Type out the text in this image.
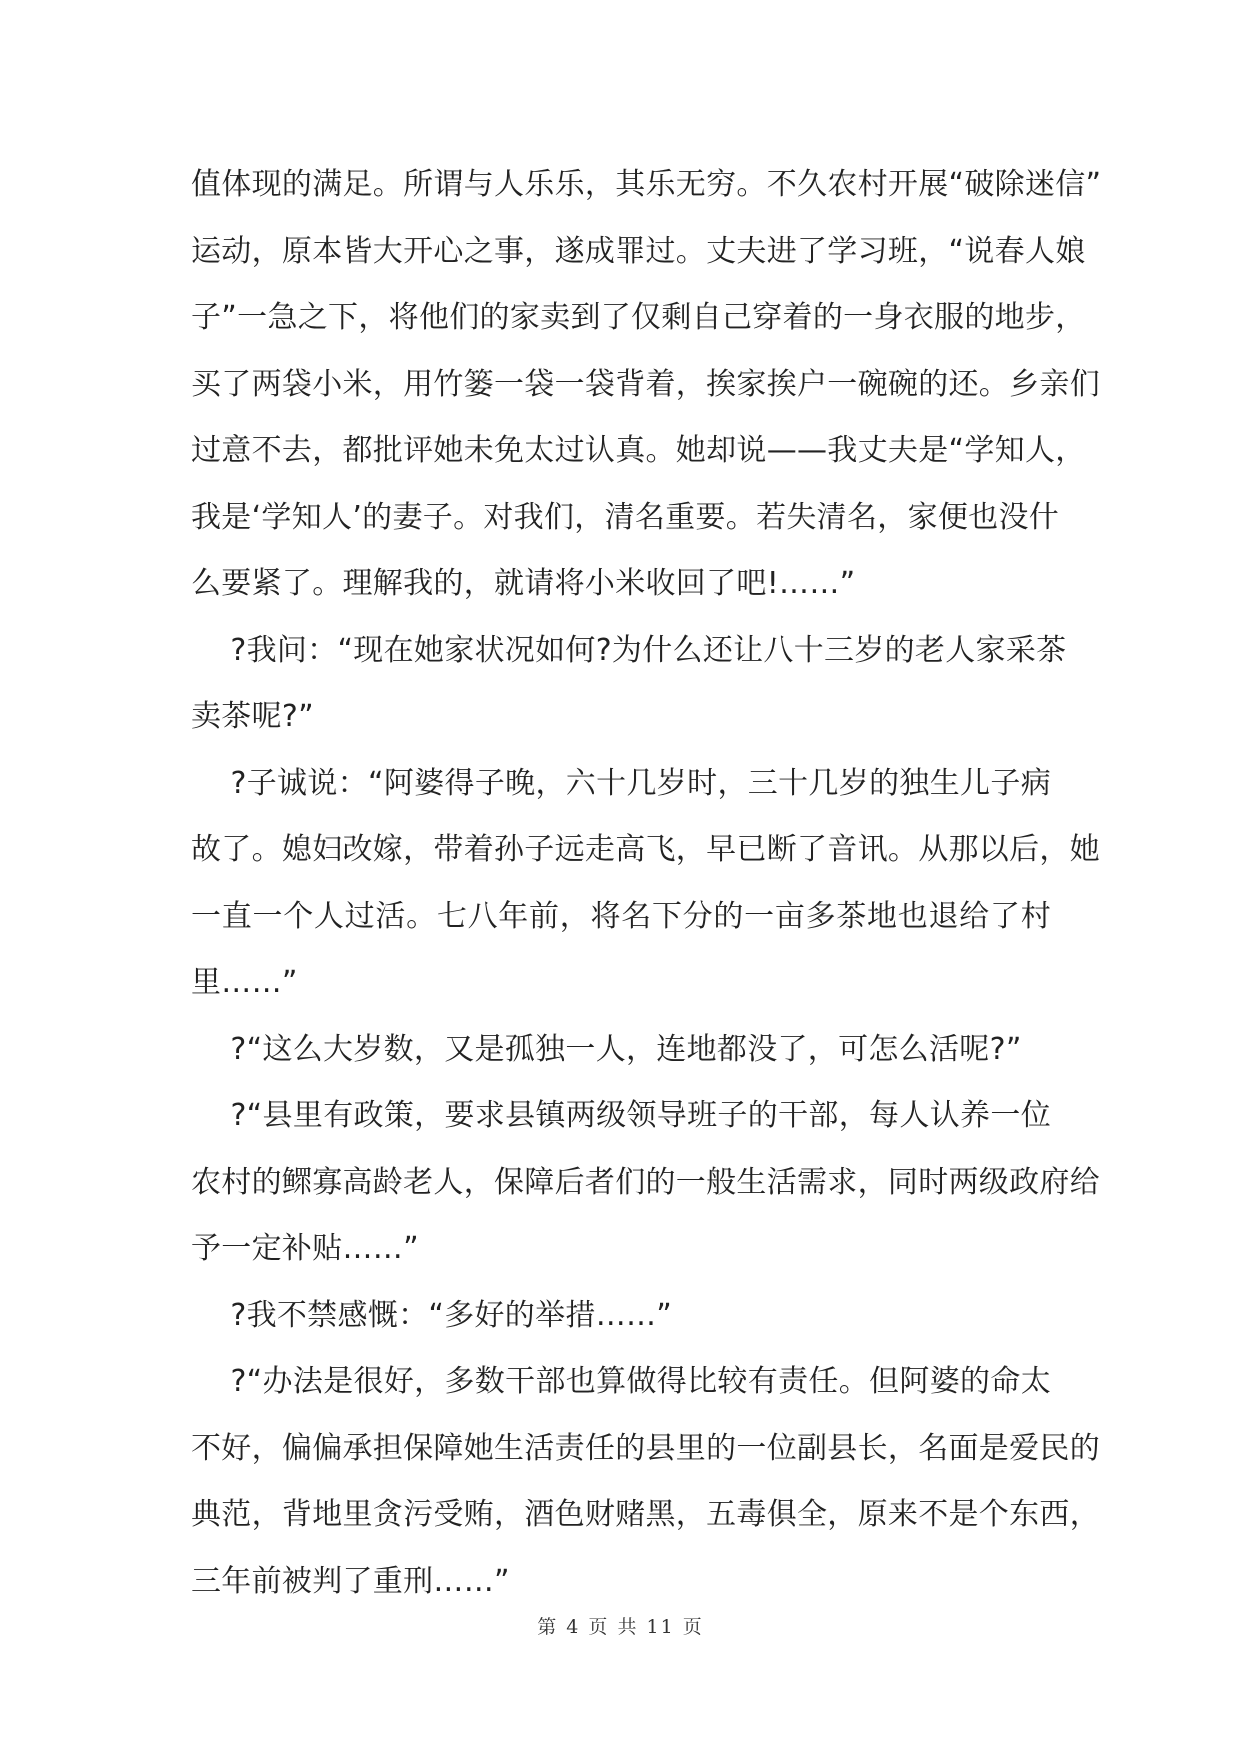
值体现的满足。所谓与人乐乐，其乐无穷。不久农村开展“破除迷信”
运动，原本皆大开心之事，遂成罪过。丈夫进了学习班，“说春人娘
子”一急之下，将他们的家卖到了仅剩自己穿着的一身衣服的地步，
买了两袋小米，用竹篓一袋一袋背着，挨家挨户一碗碗的还。乡亲们
过意不去，都批评她未免太过认真。她却说——我丈夫是“学知人，
我是‘学知人’的妻子。对我们，清名重要。若失清名，家便也没什
么要紧了。理解我的，就请将小米收回了吧!……”
?我问：“现在她家状况如何?为什么还让八十三岁的老人家采茶
卖茶呢?”
?子诚说：“阿婆得子晚，六十几岁时，三十几岁的独生儿子病
故了。媳妇改嫁，带着孙子远走高飞，早已断了音讯。从那以后，她
一直一个人过活。七八年前，将名下分的一亩多茶地也退给了村
里……”
?“这么大岁数，又是孤独一人，连地都没了，可怎么活呢?”
?“县里有政策，要求县镇两级领导班子的干部，每人认养一位
农村的鳏寡高龄老人，保障后者们的一般生活需求，同时两级政府给
予一定补贴……”
?我不禁感慨：“多好的举措……”
?“办法是很好，多数干部也算做得比较有责任。但阿婆的命太
不好，偏偏承担保障她生活责任的县里的一位副县长，名面是爱民的
典范，背地里贪污受贿，酒色财赌黑，五毒俱全，原来不是个东西，
三年前被判了重刑……”
第 4 页 共 11 页
